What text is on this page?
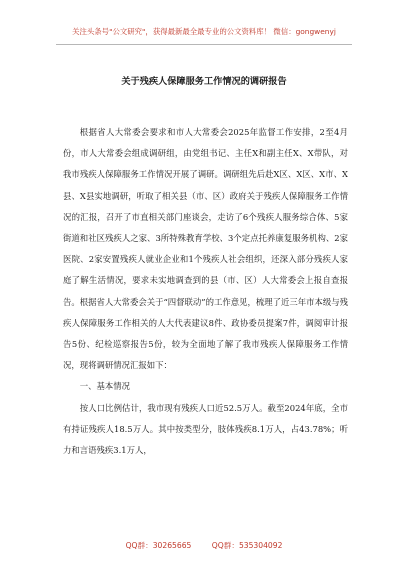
关注头条号"公文研究"，获得最新最全最专业的公文资料库！ 微信：gongwenyj
关于残疾人保障服务工作情况的调研报告

根据省人大常委会要求和市人大常委会2025年监督工作安排，2至4月份，市人大常委会组成调研组，由党组书记、主任X和副主任X、X带队，对我市残疾人保障服务工作情况开展了调研。调研组先后赴X区、X区、X市、X县、X县实地调研，听取了相关县（市、区）政府关于残疾人保障服务工作情况的汇报，召开了市直相关部门座谈会，走访了6个残疾人服务综合体、5家街道和社区残疾人之家、3所特殊教育学校、3个定点托养康复服务机构、2家医院、2家安置残疾人就业企业和1个残疾人社会组织，还深入部分残疾人家庭了解生活情况，要求未实地调查到的县（市、区）人大常委会上报自查报告。根据省人大常委会关于“四督联动”的工作意见，梳理了近三年市本级与残疾人保障服务工作相关的人大代表建议8件、政协委员提案7件，调阅审计报告5份、纪检巡察报告5份，较为全面地了解了我市残疾人保障服务工作情况，现将调研情况汇报如下：

一、基本情况

按人口比例估计，我市现有残疾人口近52.5万人。截至2024年底，全市有持证残疾人18.5万人。其中按类型分，肢体残疾8.1万人，占43.78%；听力和言语残疾3.1万人，

QQ群：30265665	QQ群：535304092
